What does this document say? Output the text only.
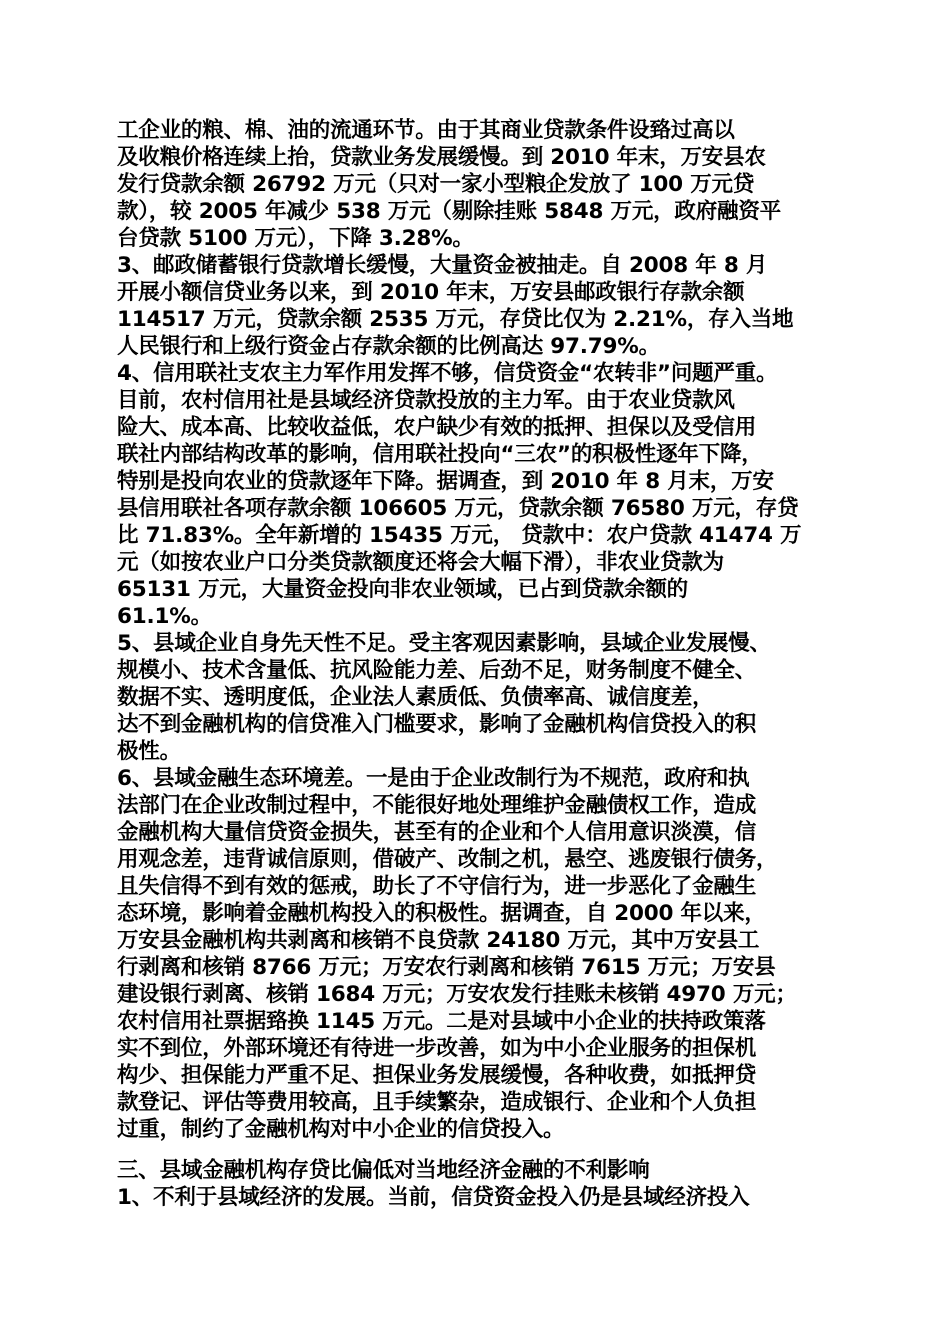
工企业的粮、棉、油的流通环节。由于其商业贷款条件设臵过高以
及收粮价格连续上抬，贷款业务发展缓慢。到 2010 年末，万安县农
发行贷款余额 26792 万元（只对一家小型粮企发放了 100 万元贷
款），较 2005 年减少 538 万元（剔除挂账 5848 万元，政府融资平
台贷款 5100 万元），下降 3.28%。
3、邮政储蓄银行贷款增长缓慢，大量资金被抽走。自 2008 年 8 月
开展小额信贷业务以来，到 2010 年末，万安县邮政银行存款余额
114517 万元，贷款余额 2535 万元，存贷比仅为 2.21%，存入当地
人民银行和上级行资金占存款余额的比例高达 97.79%。
4、信用联社支农主力军作用发挥不够，信贷资金“农转非”问题严重。
目前，农村信用社是县域经济贷款投放的主力军。由于农业贷款风
险大、成本高、比较收益低，农户缺少有效的抵押、担保以及受信用
联社内部结构改革的影响，信用联社投向“三农”的积极性逐年下降，
特别是投向农业的贷款逐年下降。据调查，到 2010 年 8 月末，万安
县信用联社各项存款余额 106605 万元，贷款余额 76580 万元，存贷
比 71.83%。全年新增的 15435 万元， 贷款中：农户贷款 41474 万
元（如按农业户口分类贷款额度还将会大幅下滑），非农业贷款为
65131 万元，大量资金投向非农业领域，已占到贷款余额的
61.1%。
5、县域企业自身先天性不足。受主客观因素影响，县域企业发展慢、
规模小、技术含量低、抗风险能力差、后劲不足，财务制度不健全、
数据不实、透明度低，企业法人素质低、负债率高、诚信度差，
达不到金融机构的信贷准入门槛要求，影响了金融机构信贷投入的积
极性。
6、县域金融生态环境差。一是由于企业改制行为不规范，政府和执
法部门在企业改制过程中，不能很好地处理维护金融债权工作，造成
金融机构大量信贷资金损失，甚至有的企业和个人信用意识淡漠，信
用观念差，违背诚信原则，借破产、改制之机，悬空、逃废银行债务，
且失信得不到有效的惩戒，助长了不守信行为，进一步恶化了金融生
态环境，影响着金融机构投入的积极性。据调查，自 2000 年以来，
万安县金融机构共剥离和核销不良贷款 24180 万元，其中万安县工
行剥离和核销 8766 万元；万安农行剥离和核销 7615 万元；万安县
建设银行剥离、核销 1684 万元；万安农发行挂账未核销 4970 万元；
农村信用社票据臵换 1145 万元。二是对县域中小企业的扶持政策落
实不到位，外部环境还有待进一步改善，如为中小企业服务的担保机
构少、担保能力严重不足、担保业务发展缓慢，各种收费，如抵押贷
款登记、评估等费用较高，且手续繁杂，造成银行、企业和个人负担
过重，制约了金融机构对中小企业的信贷投入。
三、县域金融机构存贷比偏低对当地经济金融的不利影响
1、不利于县域经济的发展。当前，信贷资金投入仍是县域经济投入
